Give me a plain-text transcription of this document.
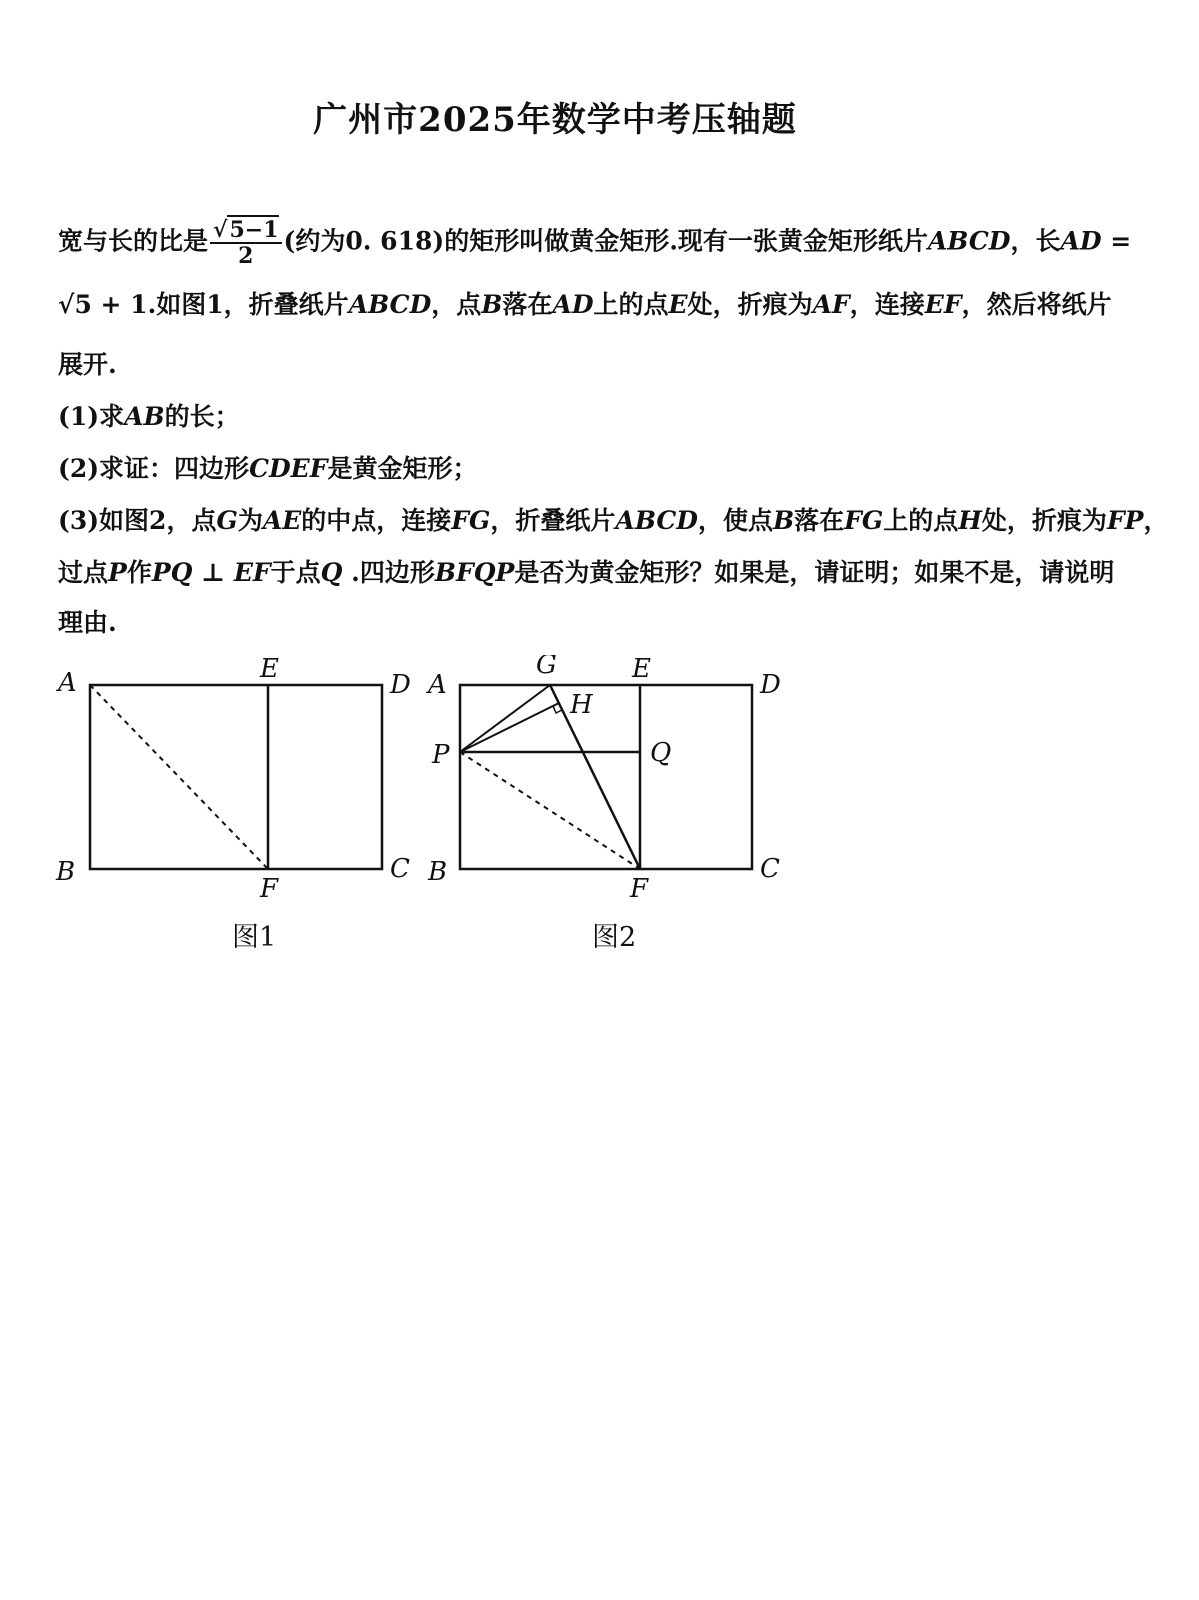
广州市2025年数学中考压轴题
宽与长的比是 $\frac{√5-1}{2}$ (约为0. 618)的矩形叫做黄金矩形.现有一张黄金矩形纸片ABCD，长AD =
√5 + 1.如图1，折叠纸片ABCD，点B落在AD上的点E处，折痕为AF，连接EF，然后将纸片
展开.
(1)求AB的长；
(2)求证：四边形CDEF是黄金矩形；
(3)如图2，点G为AE的中点，连接FG，折叠纸片ABCD，使点B落在FG上的点H处，折痕为FP，
过点P作PQ ⊥ EF于点Q .四边形BFQP是否为黄金矩形？如果是，请证明；如果不是，请说明
理由.
A	E
D
B
F
C
图1
G	E
A	D
H
P	Q
B
F
C
图2
